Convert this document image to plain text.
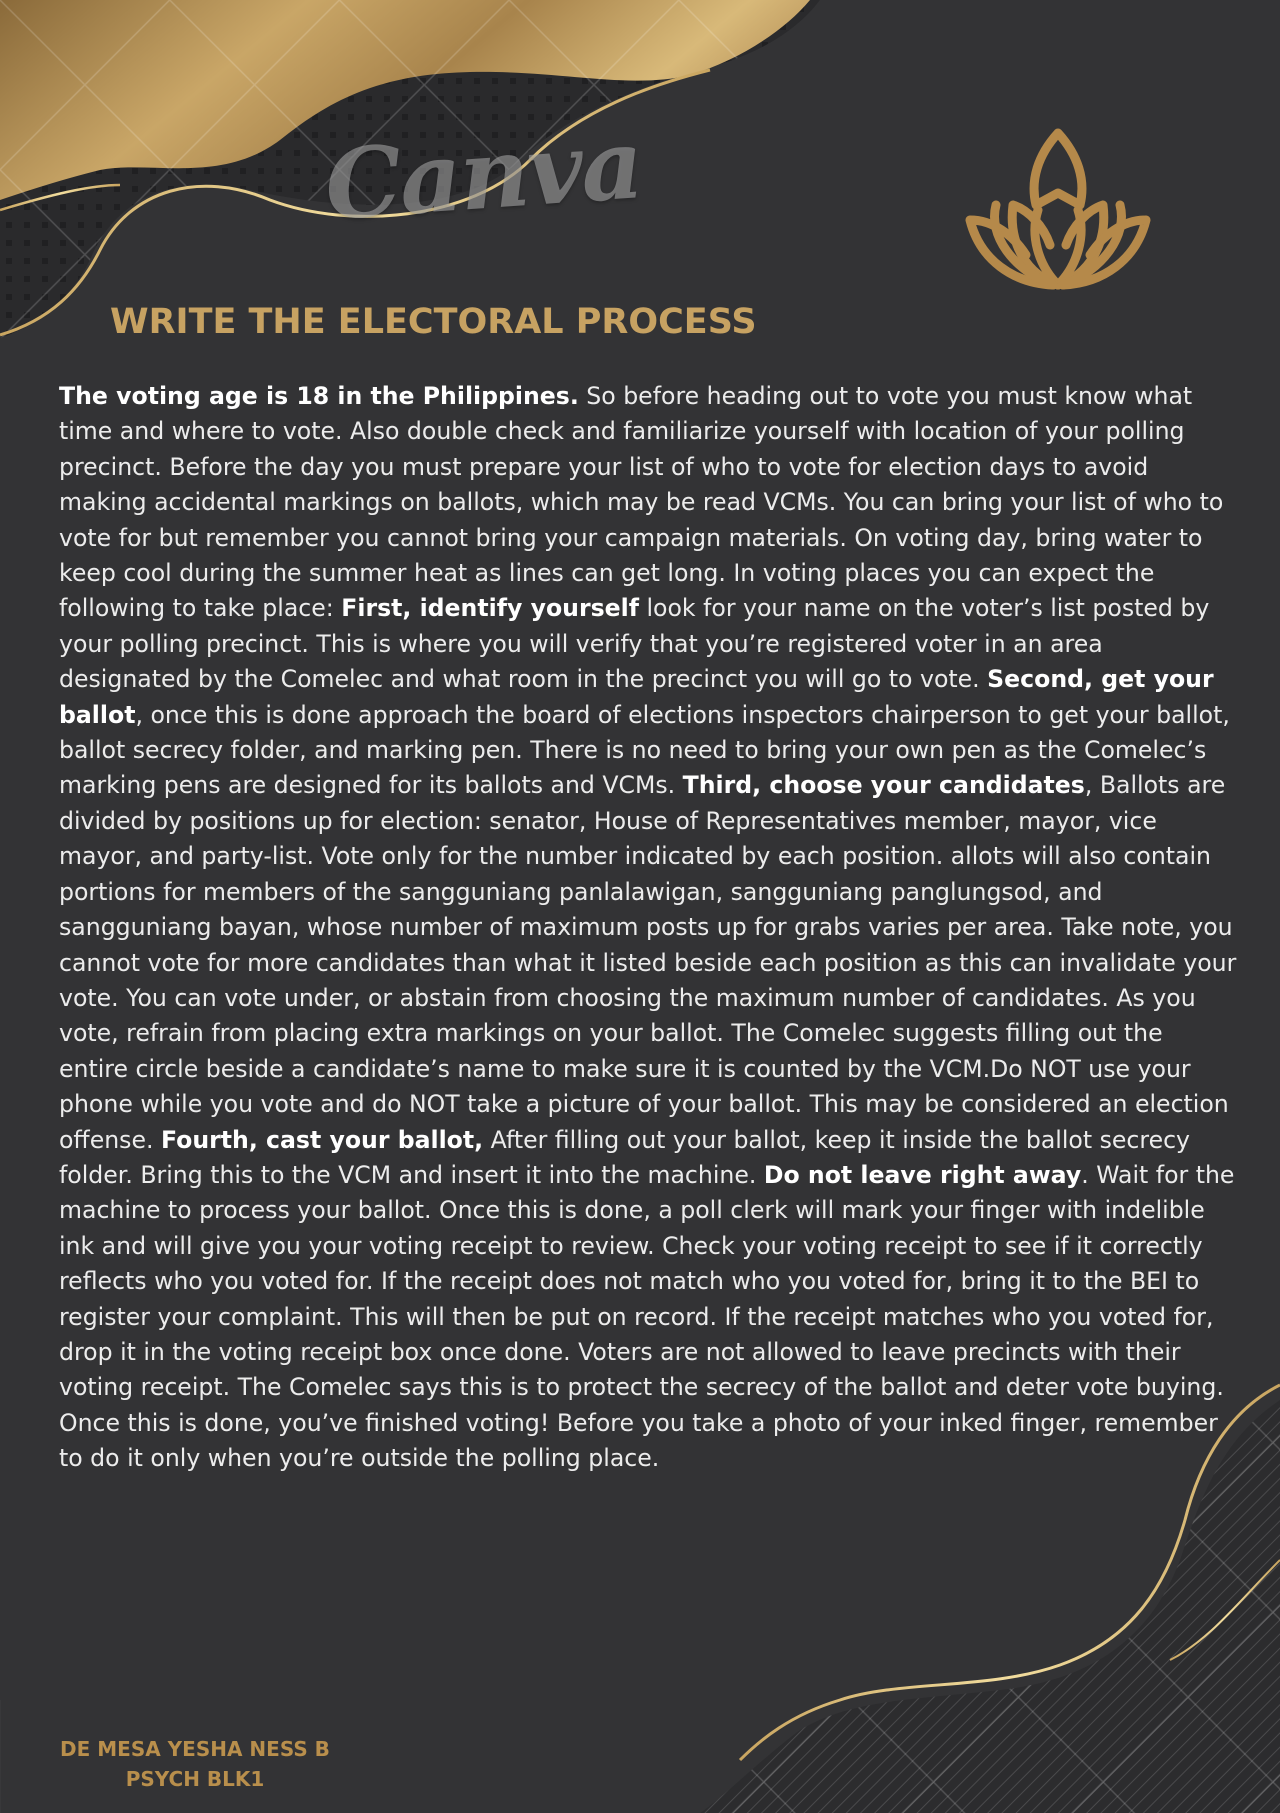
Canva
WRITE THE ELECTORAL PROCESS

The voting age is 18 in the Philippines. So before heading out to vote you must know what time and where to vote. Also double check and familiarize yourself with location of your polling precinct. Before the day you must prepare your list of who to vote for election days to avoid making accidental markings on ballots, which may be read VCMs. You can bring your list of who to vote for but remember you cannot bring your campaign materials. On voting day, bring water to keep cool during the summer heat as lines can get long. In voting places you can expect the following to take place: First, identify yourself look for your name on the voter’s list posted by your polling precinct. This is where you will verify that you’re registered voter in an area designated by the Comelec and what room in the precinct you will go to vote. Second, get your ballot, once this is done approach the board of elections inspectors chairperson to get your ballot, ballot secrecy folder, and marking pen. There is no need to bring your own pen as the Comelec’s marking pens are designed for its ballots and VCMs. Third, choose your candidates, Ballots are divided by positions up for election: senator, House of Representatives member, mayor, vice mayor, and party-list. Vote only for the number indicated by each position. allots will also contain portions for members of the sangguniang panlalawigan, sangguniang panglungsod, and sangguniang bayan, whose number of maximum posts up for grabs varies per area. Take note, you cannot vote for more candidates than what it listed beside each position as this can invalidate your vote. You can vote under, or abstain from choosing the maximum number of candidates. As you vote, refrain from placing extra markings on your ballot. The Comelec suggests filling out the entire circle beside a candidate’s name to make sure it is counted by the VCM.Do NOT use your phone while you vote and do NOT take a picture of your ballot. This may be considered an election offense. Fourth, cast your ballot, After filling out your ballot, keep it inside the ballot secrecy folder. Bring this to the VCM and insert it into the machine. Do not leave right away. Wait for the machine to process your ballot. Once this is done, a poll clerk will mark your finger with indelible ink and will give you your voting receipt to review. Check your voting receipt to see if it correctly reflects who you voted for. If the receipt does not match who you voted for, bring it to the BEI to register your complaint. This will then be put on record. If the receipt matches who you voted for, drop it in the voting receipt box once done. Voters are not allowed to leave precincts with their voting receipt. The Comelec says this is to protect the secrecy of the ballot and deter vote buying. Once this is done, you’ve finished voting! Before you take a photo of your inked finger, remember to do it only when you’re outside the polling place.

DE MESA YESHA NESS B
PSYCH BLK1
